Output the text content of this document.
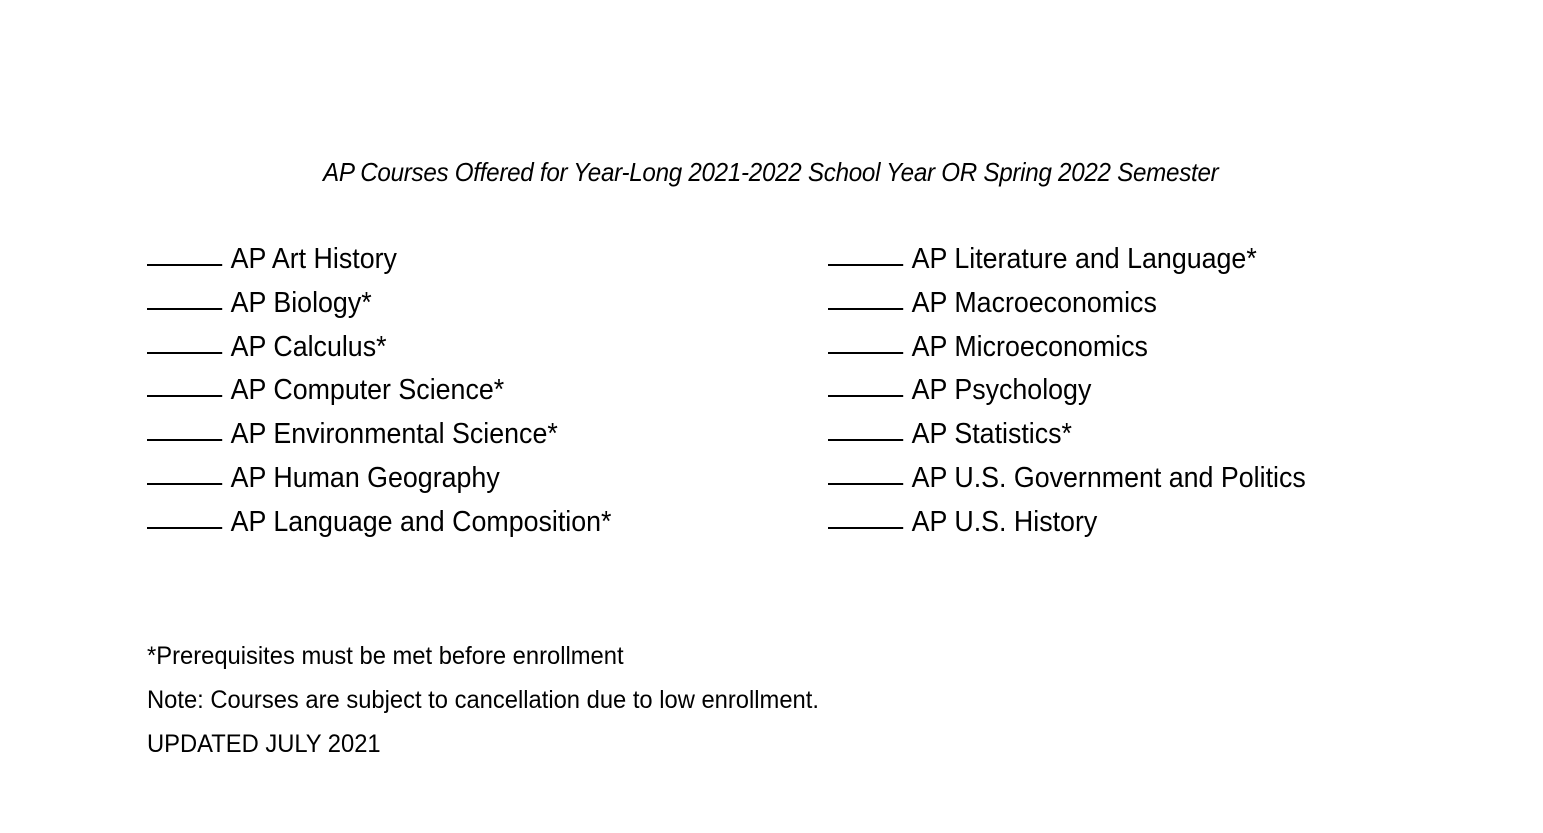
AP Courses Offered for Year-Long 2021-2022 School Year OR Spring 2022 Semester
AP Art History
AP Biology*
AP Calculus*
AP Computer Science*
AP Environmental Science*
AP Human Geography
AP Language and Composition*
AP Literature and Language*
AP Macroeconomics
AP Microeconomics
AP Psychology
AP Statistics*
AP U.S. Government and Politics
AP U.S. History
*Prerequisites must be met before enrollment
Note: Courses are subject to cancellation due to low enrollment.
UPDATED JULY 2021
